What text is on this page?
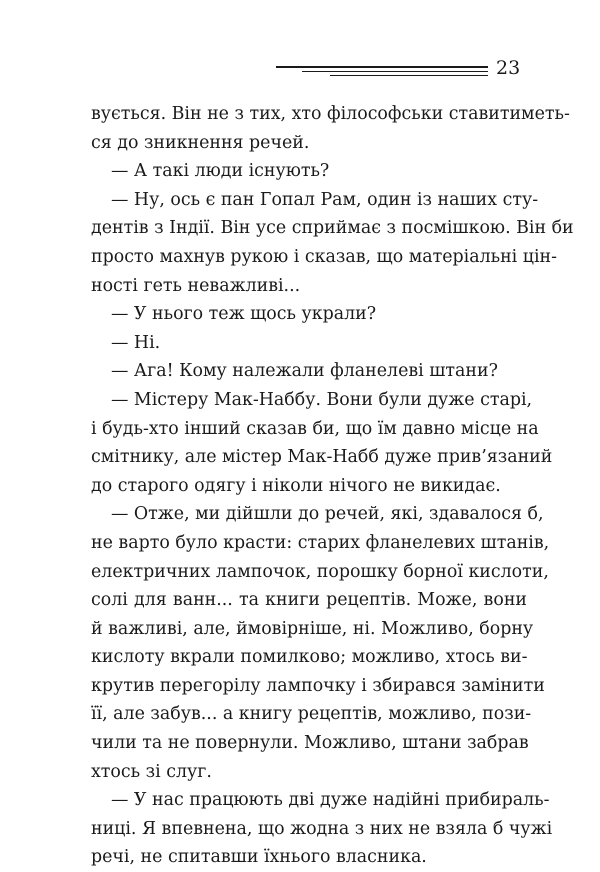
23
вується. Він не з тих, хто філософськи ставитиметь-
ся до зникнення речей.
— А такі люди існують?
— Ну, ось є пан Гопал Рам, один із наших сту-
дентів з Індії. Він усе сприймає з посмішкою. Він би
просто махнув рукою і сказав, що матеріальні цін-
ності геть неважливі...
— У нього теж щось украли?
— Ні.
— Ага! Кому належали фланелеві штани?
— Містеру Мак-Наббу. Вони були дуже старі,
і будь-хто інший сказав би, що їм давно місце на
смітнику, але містер Мак-Набб дуже прив’язаний
до старого одягу і ніколи нічого не викидає.
— Отже, ми дійшли до речей, які, здавалося б,
не варто було красти: старих фланелевих штанів,
електричних лампочок, порошку борної кислоти,
солі для ванн... та книги рецептів. Може, вони
й важливі, але, ймовірніше, ні. Можливо, борну
кислоту вкрали помилково; можливо, хтось ви-
крутив перегорілу лампочку і збирався замінити
її, але забув... а книгу рецептів, можливо, пози-
чили та не повернули. Можливо, штани забрав
хтось зі слуг.
— У нас працюють дві дуже надійні прибираль-
ниці. Я впевнена, що жодна з них не взяла б чужі
речі, не спитавши їхнього власника.
